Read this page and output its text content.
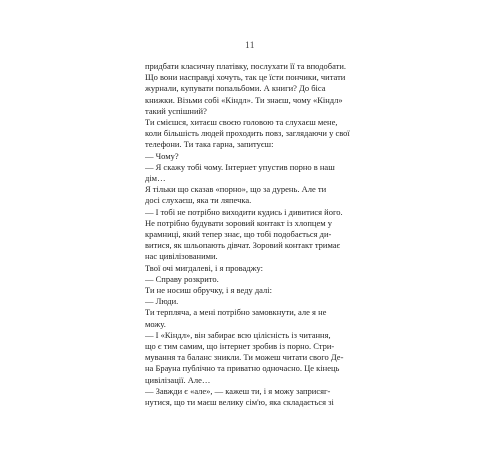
11
придбати класичну платівку, послухати її та вподобати.
Що вони насправді хочуть, так це їсти пончики, читати
журнали, купувати попальбоми. А книги? До біса
книжки. Візьми собі «Кіндл». Ти знаєш, чому «Кіндл»
такий успішний?
Ти смієшся, хитаєш своєю головою та слухаєш мене,
коли більшість людей проходить повз, заглядаючи у свої
телефони. Ти така гарна, запитуєш:
— Чому?
— Я скажу тобі чому. Інтернет упустив порно в наш
дім…
Я тільки що сказав «порно», що за дурень. Але ти
досі слухаєш, яка ти ляпечка.
— І тобі не потрібно виходити кудись і дивитися його.
Не потрібно будувати зоровий контакт із хлопцем у
крамниці, який тепер знає, що тобі подобається ди-
витися, як шльопають дівчат. Зоровий контакт тримає
нас цивілізованими.
Твої очі мигдалеві, і я проваджу:
— Справу розкрито.
Ти не носиш обручку, і я веду далі:
— Люди.
Ти терпляча, а мені потрібно замовкнути, але я не
можу.
— І «Кіндл», він забирає всю цілісність із читання,
що є тим самим, що інтернет зробив із порно. Стри-
мування та баланс зникли. Ти можеш читати свого Де-
на Брауна публічно та приватно одночасно. Це кінець
цивілізації. Але…
— Завжди є «але», — кажеш ти, і я можу заприсяг-
нутися, що ти маєш велику сім'ю, яка складається зі
